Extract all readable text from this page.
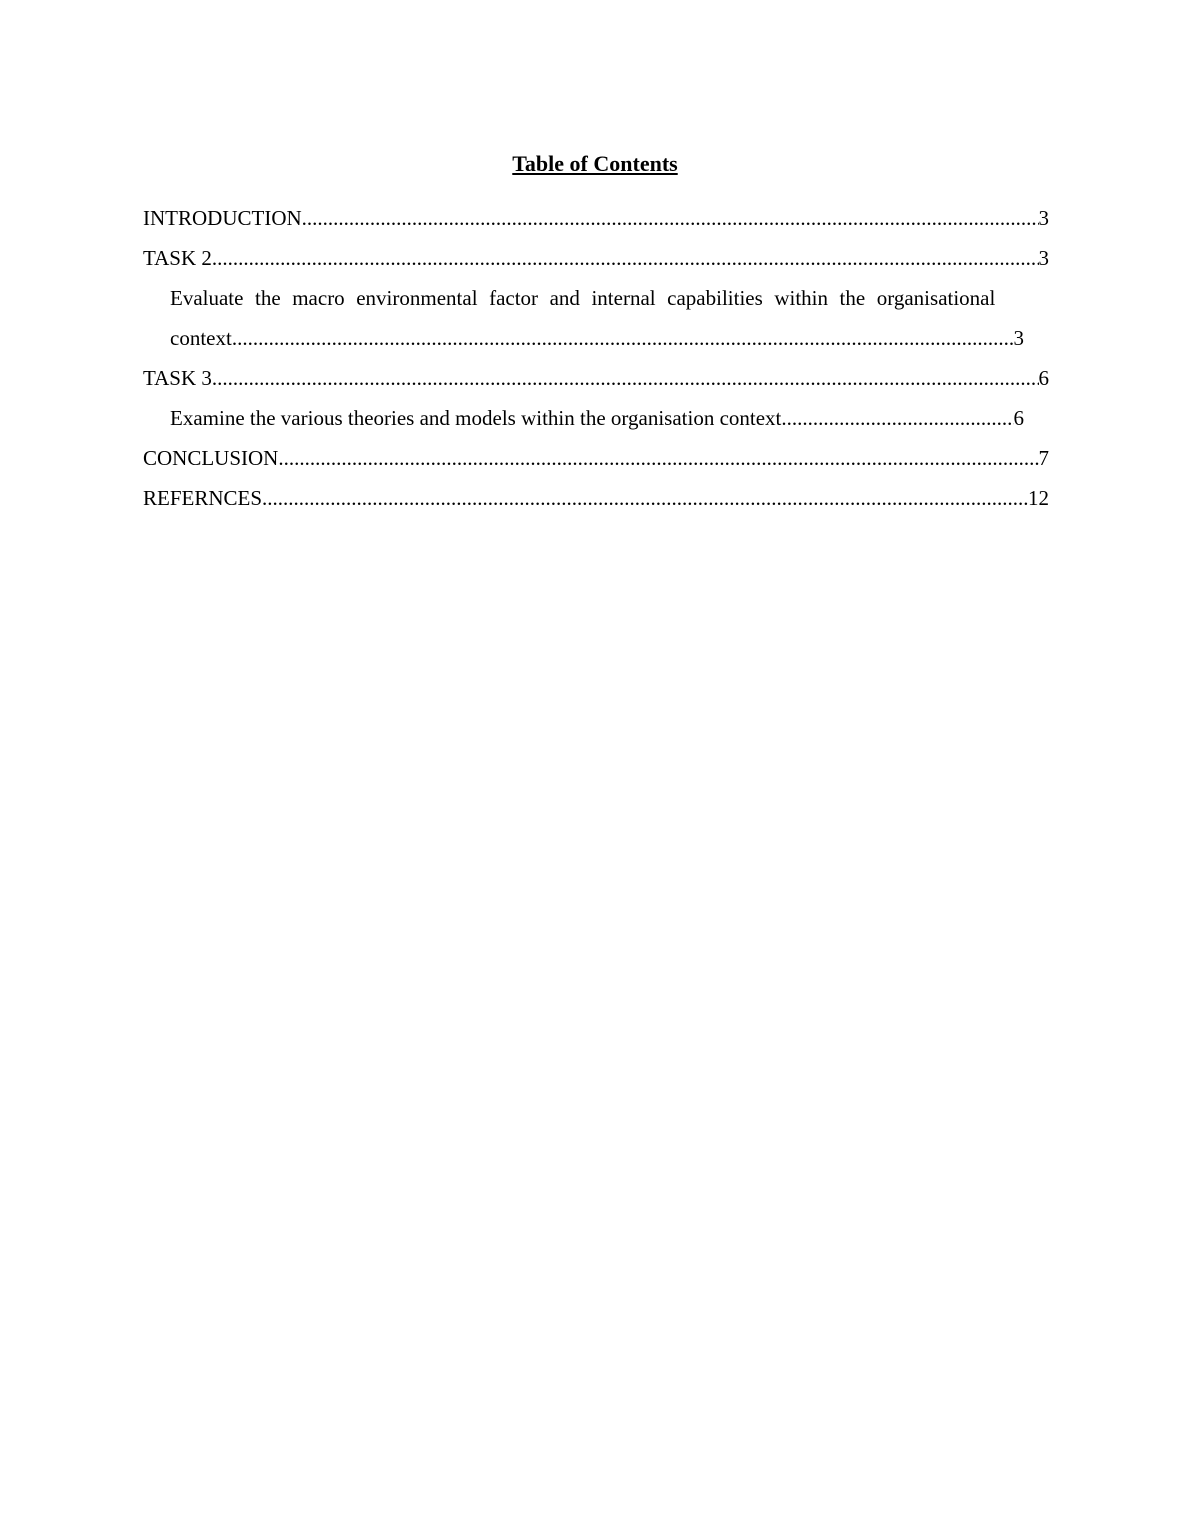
Table of Contents
INTRODUCTION .....	3
TASK 2 .....	3
Evaluate the macro environmental factor and internal capabilities within the organisational
context .....	3
TASK 3 .....	6
Examine the various theories and models within the organisation context .....	6
CONCLUSION .....	7
REFERNCES .....	12
